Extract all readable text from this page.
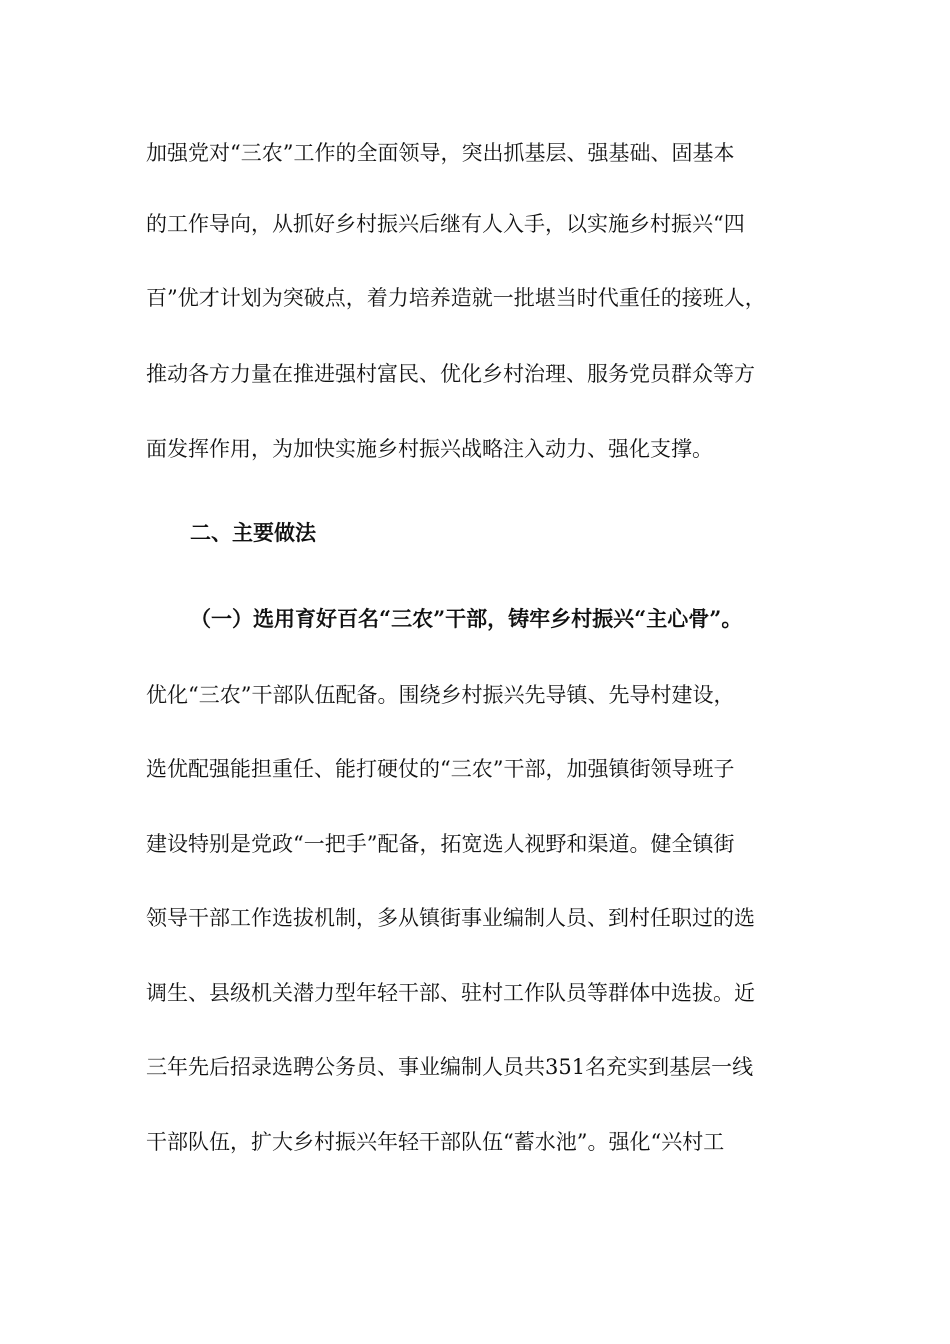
加强党对“三农”工作的全面领导，突出抓基层、强基础、固基本
的工作导向，从抓好乡村振兴后继有人入手，以实施乡村振兴“四
百”优才计划为突破点，着力培养造就一批堪当时代重任的接班人，
推动各方力量在推进强村富民、优化乡村治理、服务党员群众等方
面发挥作用，为加快实施乡村振兴战略注入动力、强化支撑。
二、主要做法
（一）选用育好百名“三农”干部，铸牢乡村振兴“主心骨”。
优化“三农”干部队伍配备。围绕乡村振兴先导镇、先导村建设，
选优配强能担重任、能打硬仗的“三农”干部，加强镇街领导班子
建设特别是党政“一把手”配备，拓宽选人视野和渠道。健全镇街
领导干部工作选拔机制，多从镇街事业编制人员、到村任职过的选
调生、县级机关潜力型年轻干部、驻村工作队员等群体中选拔。近
三年先后招录选聘公务员、事业编制人员共351名充实到基层一线
干部队伍，扩大乡村振兴年轻干部队伍“蓄水池”。强化“兴村工
